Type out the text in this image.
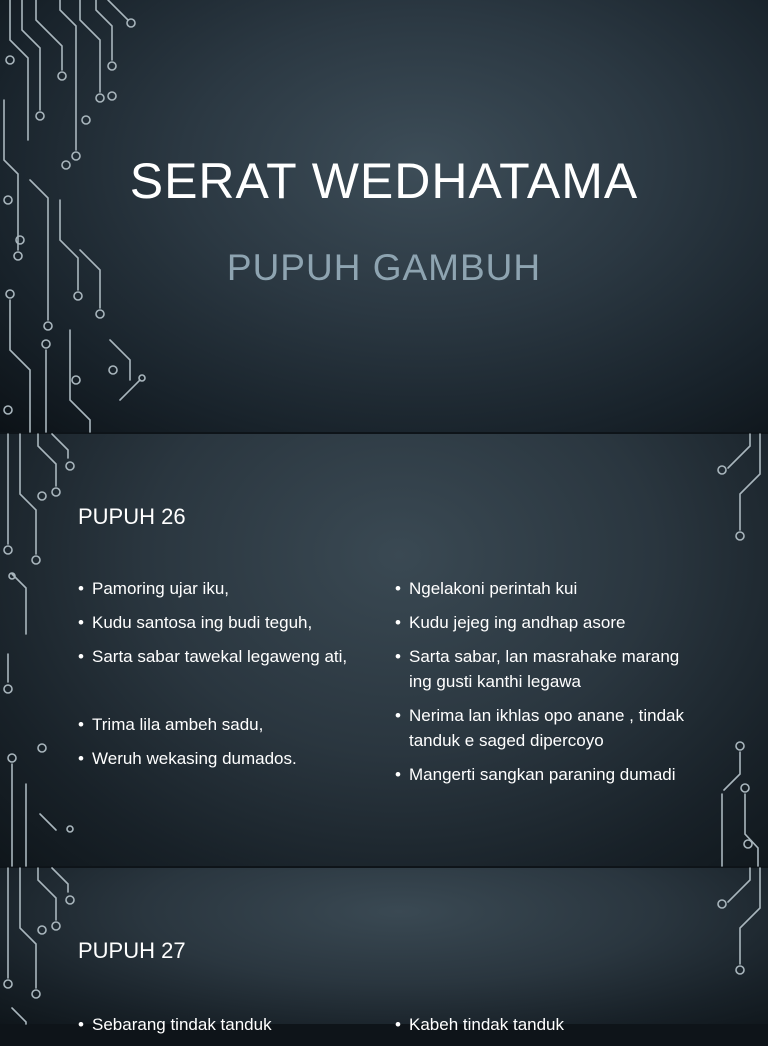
SERAT WEDHATAMA
PUPUH GAMBUH
PUPUH 26
• Pamoring ujar iku,
• Kudu santosa ing budi teguh,
• Sarta sabar tawekal legaweng ati,
• Trima lila ambeh sadu,
• Weruh wekasing dumados.
• Ngelakoni perintah kui
• Kudu jejeg ing andhap asore
• Sarta sabar, lan masrahake marang ing gusti kanthi legawa
• Nerima lan ikhlas opo anane , tindak tanduk e saged dipercoyo
• Mangerti sangkan paraning dumadi
PUPUH 27
• Sebarang tindak tanduk
•	Kabeh tindak tanduk
